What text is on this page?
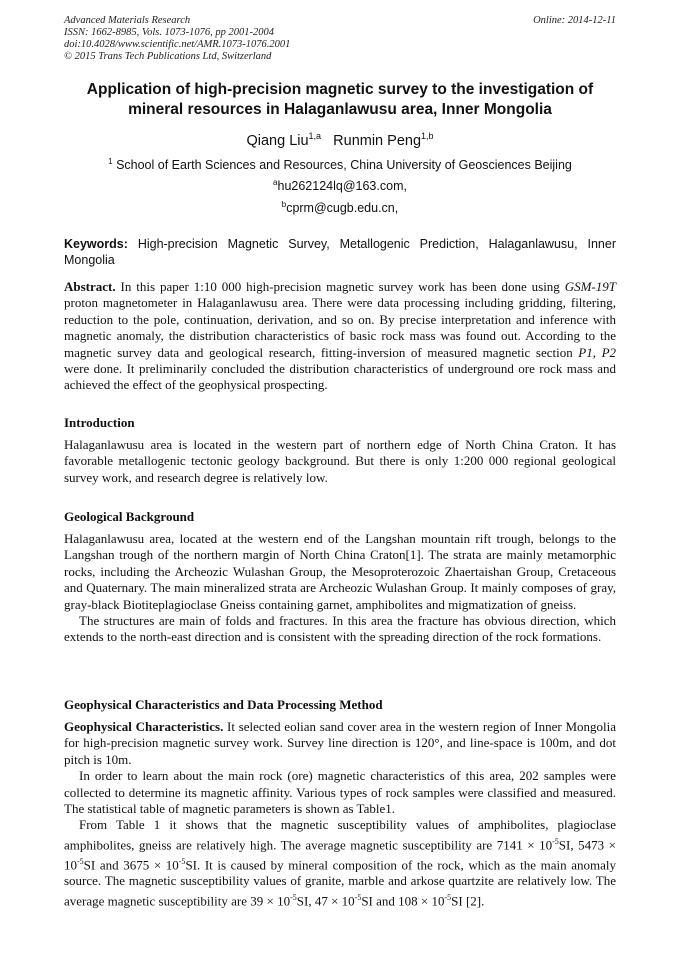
Advanced Materials Research	Online: 2014-12-11
ISSN: 1662-8985, Vols. 1073-1076, pp 2001-2004
doi:10.4028/www.scientific.net/AMR.1073-1076.2001
© 2015 Trans Tech Publications Ltd, Switzerland
Application of high-precision magnetic survey to the investigation of
mineral resources in Halaganlawusu area, Inner Mongolia
Qiang Liu$^{1,a}$ Runmin Peng$^{1,b}$
$^1$ School of Earth Sciences and Resources, China University of Geosciences Beijing
$^a$hu262124lq@163.com,
$^b$cprm@cugb.edu.cn,
Keywords: High-precision Magnetic Survey, Metallogenic Prediction, Halaganlawusu, Inner Mongolia

Abstract. In this paper 1:10 000 high-precision magnetic survey work has been done using GSM-19T proton magnetometer in Halaganlawusu area. There were data processing including gridding, filtering, reduction to the pole, continuation, derivation, and so on. By precise interpretation and inference with magnetic anomaly, the distribution characteristics of basic rock mass was found out. According to the magnetic survey data and geological research, fitting-inversion of measured magnetic section P1, P2 were done. It preliminarily concluded the distribution characteristics of underground ore rock mass and achieved the effect of the geophysical prospecting.

Introduction

Halaganlawusu area is located in the western part of northern edge of North China Craton. It has favorable metallogenic tectonic geology background. But there is only 1:200 000 regional geological survey work, and research degree is relatively low.

Geological Background

Halaganlawusu area, located at the western end of the Langshan mountain rift trough, belongs to the Langshan trough of the northern margin of North China Craton[1]. The strata are mainly metamorphic rocks, including the Archeozic Wulashan Group, the Mesoproterozoic Zhaertaishan Group, Cretaceous and Quaternary. The main mineralized strata are Archeozic Wulashan Group. It mainly composes of gray, gray-black Biotiteplagioclase Gneiss containing garnet, amphibolites and migmatization of gneiss.

The structures are main of folds and fractures. In this area the fracture has obvious direction, which extends to the north-east direction and is consistent with the spreading direction of the rock formations.

Geophysical Characteristics and Data Processing Method

Geophysical Characteristics. It selected eolian sand cover area in the western region of Inner Mongolia for high-precision magnetic survey work. Survey line direction is 120°, and line-space is 100m, and dot pitch is 10m.

In order to learn about the main rock (ore) magnetic characteristics of this area, 202 samples were collected to determine its magnetic affinity. Various types of rock samples were classified and measured. The statistical table of magnetic parameters is shown as Table1.

From Table 1 it shows that the magnetic susceptibility values of amphibolites, plagioclase amphibolites, gneiss are relatively high. The average magnetic susceptibility are $7141 \times 10^{-5}SI$, $5473 \times 10^{-5}SI$ and $3675 \times 10^{-5}SI$. It is caused by mineral composition of the rock, which as the main anomaly source. The magnetic susceptibility values of granite, marble and arkose quartzite are relatively low. The average magnetic susceptibility are $39 \times 10^{-5}SI$, $47 \times 10^{-5}SI$ and $108 \times 10^{-5}SI$ [2].
